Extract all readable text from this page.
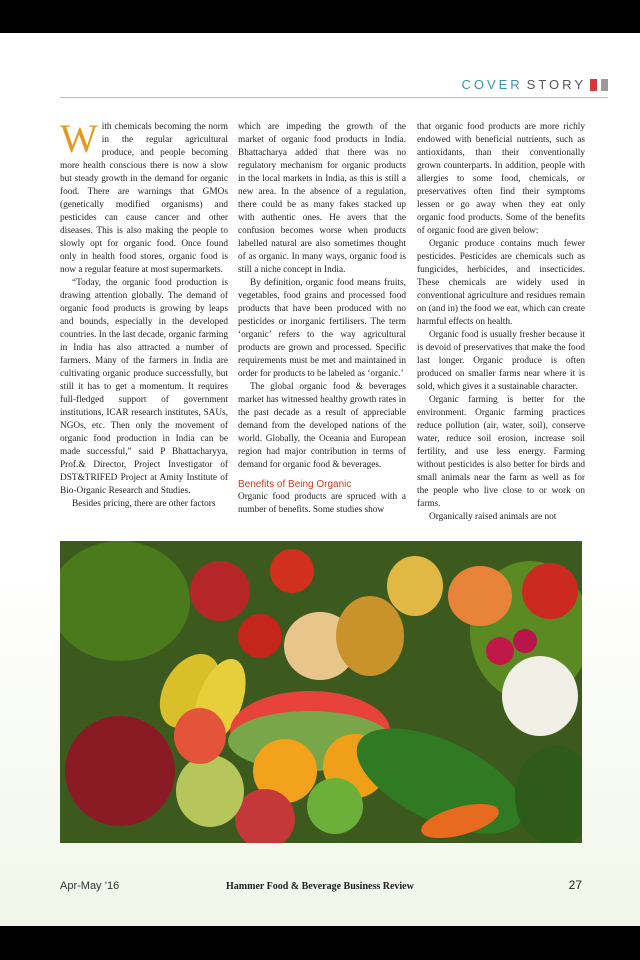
COVER STORY

With chemicals becoming the norm in the regular agricultural produce, and people becoming more health conscious there is now a slow but steady growth in the demand for organic food. There are warnings that GMOs (genetically modified organisms) and pesticides can cause cancer and other diseases. This is also making the people to slowly opt for organic food. Once found only in health food stores, organic food is now a regular feature at most supermarkets.

“Today, the organic food production is drawing attention globally. The demand of organic food products is growing by leaps and bounds, especially in the developed countries. In the last decade, organic farming in India has also attracted a number of farmers. Many of the farmers in India are cultivating organic produce successfully, but still it has to get a momentum. It requires full-fledged support of government institutions, ICAR research institutes, SAUs, NGOs, etc. Then only the movement of organic food production in India can be made successful,” said P Bhattacharyya, Prof.& Director, Project Investigator of DST&TRIFED Project at Amity Institute of Bio-Organic Research and Studies.

Besides pricing, there are other factors

which are impeding the growth of the market of organic food products in India. Bhattacharya added that there was no regulatory mechanism for organic products in the local markets in India, as this is still a new area. In the absence of a regulation, there could be as many fakes stacked up with authentic ones. He avers that the confusion becomes worse when products labelled natural are also sometimes thought of as organic. In many ways, organic food is still a niche concept in India.

By definition, organic food means fruits, vegetables, food grains and processed food products that have been produced with no pesticides or inorganic fertilisers. The term ‘organic’ refers to the way agricultural products are grown and processed. Specific requirements must be met and maintained in order for products to be labeled as ‘organic.’

The global organic food & beverages market has witnessed healthy growth rates in the past decade as a result of appreciable demand from the developed nations of the world. Globally, the Oceania and European region had major contribution in terms of demand for organic food & beverages.

Benefits of Being Organic

Organic food products are spruced with a number of benefits. Some studies show

that organic food products are more richly endowed with beneficial nutrients, such as antioxidants, than their conventionally grown counterparts. In addition, people with allergies to some food, chemicals, or preservatives often find their symptoms lessen or go away when they eat only organic food products. Some of the benefits of organic food are given below:

Organic produce contains much fewer pesticides. Pesticides are chemicals such as fungicides, herbicides, and insecticides. These chemicals are widely used in conventional agriculture and residues remain on (and in) the food we eat, which can create harmful effects on health.

Organic food is usually fresher because it is devoid of preservatives that make the food last longer. Organic produce is often produced on smaller farms near where it is sold, which gives it a sustainable character.

Organic farming is better for the environment. Organic farming practices reduce pollution (air, water, soil), conserve water, reduce soil erosion, increase soil fertility, and use less energy. Farming without pesticides is also better for birds and small animals near the farm as well as for the people who live close to or work on farms.

Organically raised animals are not

Apr-May ’16	Hammer Food & Beverage Business Review	27
